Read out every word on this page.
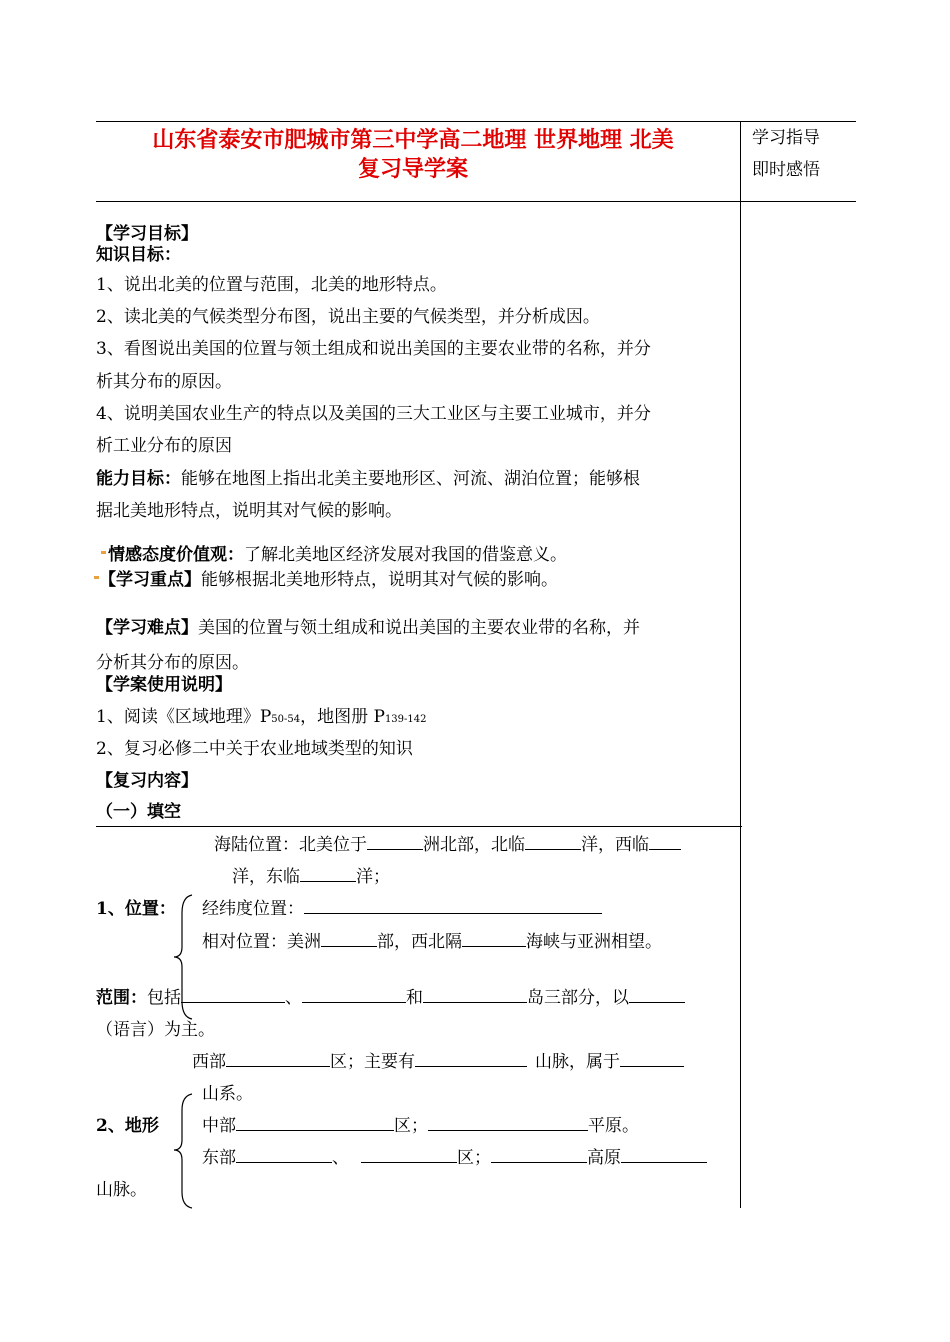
山东省泰安市肥城市第三中学高二地理 世界地理 北美
复习导学案
学习指导
即时感悟
【学习目标】
知识目标：
1、说出北美的位置与范围，北美的地形特点。
2、读北美的气候类型分布图，说出主要的气候类型，并分析成因。
3、看图说出美国的位置与领土组成和说出美国的主要农业带的名称，并分
析其分布的原因。
4、说明美国农业生产的特点以及美国的三大工业区与主要工业城市，并分
析工业分布的原因
能力目标：能够在地图上指出北美主要地形区、河流、湖泊位置；能够根
据北美地形特点，说明其对气候的影响。
情感态度价值观：了解北美地区经济发展对我国的借鉴意义。
【学习重点】能够根据北美地形特点，说明其对气候的影响。
【学习难点】美国的位置与领土组成和说出美国的主要农业带的名称，并
分析其分布的原因。
【学案使用说明】
1、阅读《区域地理》P50-54，地图册 P139-142
2、复习必修二中关于农业地域类型的知识
【复习内容】
（一）填空
海陆位置：北美位于	洲北部，北临	洋，西临
洋，东临	洋；
1、位置： 经纬度位置：
相对位置：美洲	部，西北隔	海峡与亚洲相望。
范围：包括	、	和	岛三部分，以
（语言）为主。
西部	区；主要有	山脉，属于
山系。
2、地形	中部	区；	平原。
东部	、	区；	高原
山脉。
